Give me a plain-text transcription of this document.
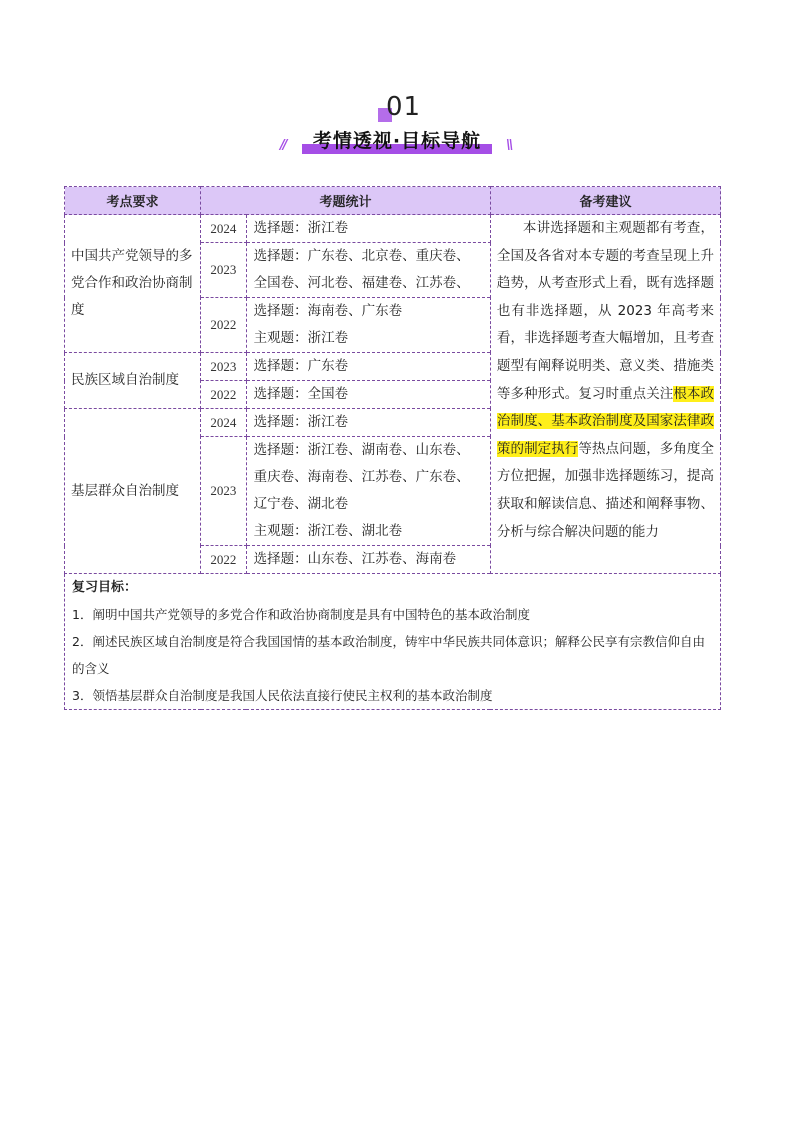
01
//	考情透视·目标导航	\\
考点要求	考题统计		备考建议
中国共产党领导的多党合作和政治协商制度	2024	选择题：浙江卷	本讲选择题和主观题都有考查，全国及各省对本专题的考查呈现上升趋势，从考查形式上看，既有选择题也有非选择题，从 2023 年高考来看，非选择题考查大幅增加，且考查题型有阐释说明类、意义类、措施类等多种形式。复习时重点关注根本政治制度、基本政治制度及国家法律政策的制定执行等热点问题，多角度全方位把握，加强非选择题练习，提高获取和解读信息、描述和阐释事物、分析与综合解决问题的能力
	2023	选择题：广东卷、北京卷、重庆卷、
全国卷、河北卷、福建卷、江苏卷、	

	2022	选择题：海南卷、广东卷
主观题：浙江卷	

民族区域自治制度	2023	选择题：广东卷	

	2022	选择题：全国卷	

基层群众自治制度	2024	选择题：浙江卷	

	2023	选择题：浙江卷、湖南卷、山东卷、
重庆卷、海南卷、江苏卷、广东卷、
辽宁卷、湖北卷
主观题：浙江卷、湖北卷	

	2022	选择题：山东卷、江苏卷、海南卷	

复习目标：
1．阐明中国共产党领导的多党合作和政治协商制度是具有中国特色的基本政治制度
2．阐述民族区域自治制度是符合我国国情的基本政治制度，铸牢中华民族共同体意识；解释公民享有宗教信仰自由的含义
3．领悟基层群众自治制度是我国人民依法直接行使民主权利的基本政治制度			
